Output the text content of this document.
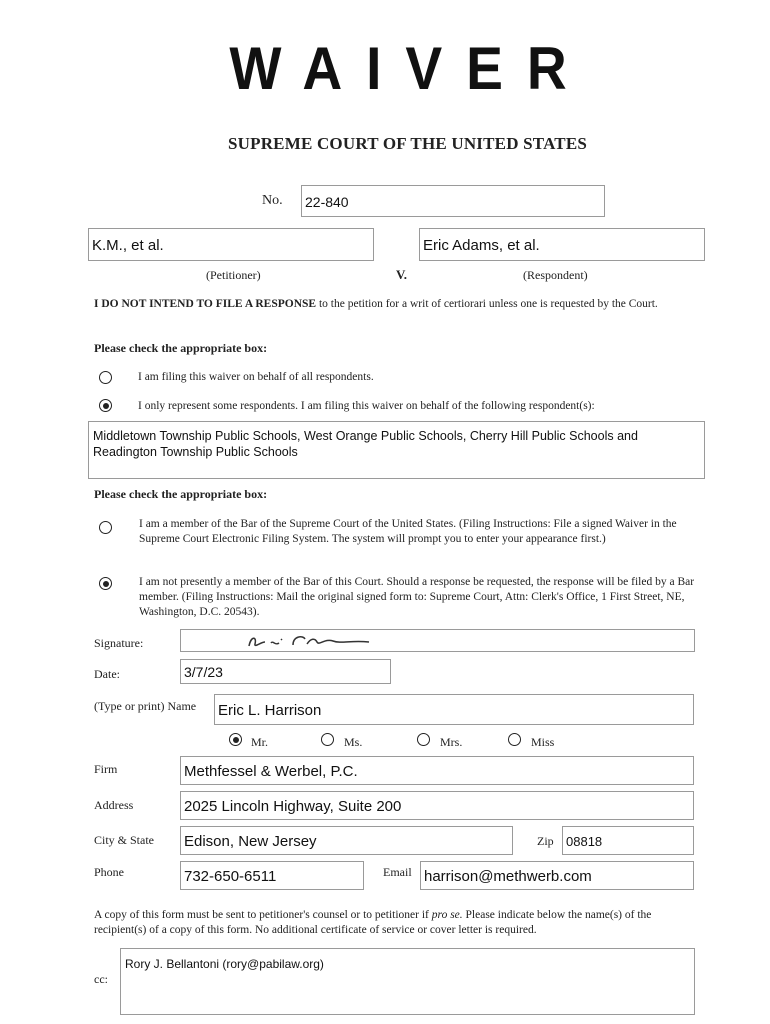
WAIVER
SUPREME COURT OF THE UNITED STATES
No. 22-840
K.M., et al.	Eric Adams, et al.
(Petitioner)	V.	(Respondent)
I DO NOT INTEND TO FILE A RESPONSE to the petition for a writ of certiorari unless one is requested by the Court.
Please check the appropriate box:
I am filing this waiver on behalf of all respondents.
I only represent some respondents. I am filing this waiver on behalf of the following respondent(s):
Middletown Township Public Schools, West Orange Public Schools, Cherry Hill Public Schools and Readington Township Public Schools
Please check the appropriate box:
I am a member of the Bar of the Supreme Court of the United States. (Filing Instructions: File a signed Waiver in the Supreme Court Electronic Filing System. The system will prompt you to enter your appearance first.)
I am not presently a member of the Bar of this Court. Should a response be requested, the response will be filed by a Bar member. (Filing Instructions: Mail the original signed form to: Supreme Court, Attn: Clerk's Office, 1 First Street, NE, Washington, D.C. 20543).
Signature:
Date:	3/7/23
(Type or print) Name Eric L. Harrison
Mr.	Ms.	Mrs.	Miss
Firm	Methfessel & Werbel, P.C.
Address	2025 Lincoln Highway, Suite 200
City & State Edison, New Jersey	Zip 08818
Phone	732-650-6511	Email harrison@methwerb.com
A copy of this form must be sent to petitioner's counsel or to petitioner if pro se. Please indicate below the name(s) of the recipient(s) of a copy of this form. No additional certificate of service or cover letter is required.
cc:
Rory J. Bellantoni (rory@pabilaw.org)
